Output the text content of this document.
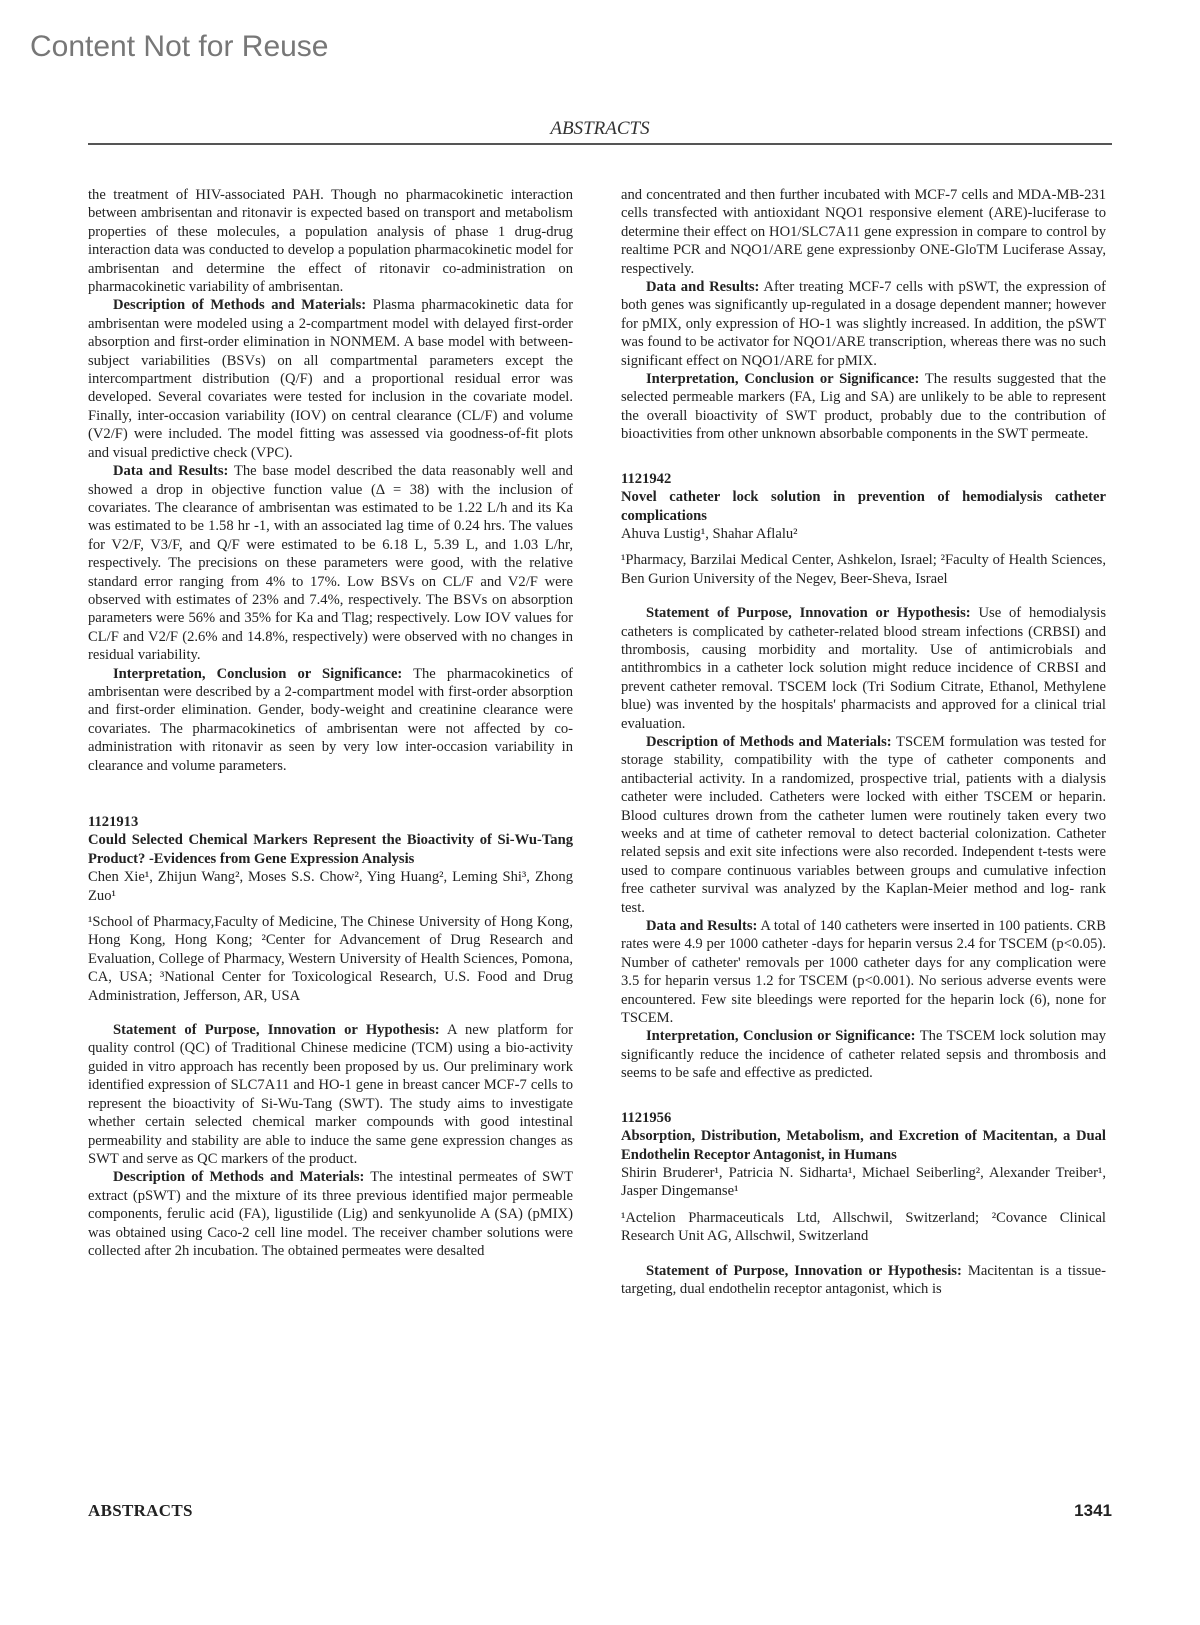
Content Not for Reuse
ABSTRACTS

the treatment of HIV-associated PAH. Though no pharmacokinetic interaction between ambrisentan and ritonavir is expected based on transport and metabolism properties of these molecules, a population analysis of phase 1 drug-drug interaction data was conducted to develop a population pharmacokinetic model for ambrisentan and determine the effect of ritonavir co-administration on pharmacokinetic variability of ambrisentan.

Description of Methods and Materials: Plasma pharmacokinetic data for ambrisentan were modeled using a 2-compartment model with delayed first-order absorption and first-order elimination in NONMEM. A base model with between-subject variabilities (BSVs) on all compartmental parameters except the intercompartment distribution (Q/F) and a proportional residual error was developed. Several covariates were tested for inclusion in the covariate model. Finally, inter-occasion variability (IOV) on central clearance (CL/F) and volume (V2/F) were included. The model fitting was assessed via goodness-of-fit plots and visual predictive check (VPC).

Data and Results: The base model described the data reasonably well and showed a drop in objective function value (Δ = 38) with the inclusion of covariates. The clearance of ambrisentan was estimated to be 1.22 L/h and its Ka was estimated to be 1.58 hr -1, with an associated lag time of 0.24 hrs. The values for V2/F, V3/F, and Q/F were estimated to be 6.18 L, 5.39 L, and 1.03 L/hr, respectively. The precisions on these parameters were good, with the relative standard error ranging from 4% to 17%. Low BSVs on CL/F and V2/F were observed with estimates of 23% and 7.4%, respectively. The BSVs on absorption parameters were 56% and 35% for Ka and Tlag; respectively. Low IOV values for CL/F and V2/F (2.6% and 14.8%, respectively) were observed with no changes in residual variability.

Interpretation, Conclusion or Significance: The pharmacokinetics of ambrisentan were described by a 2-compartment model with first-order absorption and first-order elimination. Gender, body-weight and creatinine clearance were covariates. The pharmacokinetics of ambrisentan were not affected by co-administration with ritonavir as seen by very low inter-occasion variability in clearance and volume parameters.

1121913

Could Selected Chemical Markers Represent the Bioactivity of Si-Wu-Tang Product? -Evidences from Gene Expression Analysis

Chen Xie¹, Zhijun Wang², Moses S.S. Chow², Ying Huang², Leming Shi³, Zhong Zuo¹

¹School of Pharmacy,Faculty of Medicine, The Chinese University of Hong Kong, Hong Kong, Hong Kong; ²Center for Advancement of Drug Research and Evaluation, College of Pharmacy, Western University of Health Sciences, Pomona, CA, USA; ³National Center for Toxicological Research, U.S. Food and Drug Administration, Jefferson, AR, USA

Statement of Purpose, Innovation or Hypothesis: A new platform for quality control (QC) of Traditional Chinese medicine (TCM) using a bio-activity guided in vitro approach has recently been proposed by us. Our preliminary work identified expression of SLC7A11 and HO-1 gene in breast cancer MCF-7 cells to represent the bioactivity of Si-Wu-Tang (SWT). The study aims to investigate whether certain selected chemical marker compounds with good intestinal permeability and stability are able to induce the same gene expression changes as SWT and serve as QC markers of the product.

Description of Methods and Materials: The intestinal permeates of SWT extract (pSWT) and the mixture of its three previous identified major permeable components, ferulic acid (FA), ligustilide (Lig) and senkyunolide A (SA) (pMIX) was obtained using Caco-2 cell line model. The receiver chamber solutions were collected after 2h incubation. The obtained permeates were desalted

and concentrated and then further incubated with MCF-7 cells and MDA-MB-231 cells transfected with antioxidant NQO1 responsive element (ARE)-luciferase to determine their effect on HO1/SLC7A11 gene expression in compare to control by realtime PCR and NQO1/ARE gene expressionby ONE-GloTM Luciferase Assay, respectively.

Data and Results: After treating MCF-7 cells with pSWT, the expression of both genes was significantly up-regulated in a dosage dependent manner; however for pMIX, only expression of HO-1 was slightly increased. In addition, the pSWT was found to be activator for NQO1/ARE transcription, whereas there was no such significant effect on NQO1/ARE for pMIX.

Interpretation, Conclusion or Significance: The results suggested that the selected permeable markers (FA, Lig and SA) are unlikely to be able to represent the overall bioactivity of SWT product, probably due to the contribution of bioactivities from other unknown absorbable components in the SWT permeate.

1121942

Novel catheter lock solution in prevention of hemodialysis catheter complications

Ahuva Lustig¹, Shahar Aflalu²

¹Pharmacy, Barzilai Medical Center, Ashkelon, Israel; ²Faculty of Health Sciences, Ben Gurion University of the Negev, Beer-Sheva, Israel

Statement of Purpose, Innovation or Hypothesis: Use of hemodialysis catheters is complicated by catheter-related blood stream infections (CRBSI) and thrombosis, causing morbidity and mortality. Use of antimicrobials and antithrombics in a catheter lock solution might reduce incidence of CRBSI and prevent catheter removal. TSCEM lock (Tri Sodium Citrate, Ethanol, Methylene blue) was invented by the hospitals' pharmacists and approved for a clinical trial evaluation.

Description of Methods and Materials: TSCEM formulation was tested for storage stability, compatibility with the type of catheter components and antibacterial activity. In a randomized, prospective trial, patients with a dialysis catheter were included. Catheters were locked with either TSCEM or heparin. Blood cultures drown from the catheter lumen were routinely taken every two weeks and at time of catheter removal to detect bacterial colonization. Catheter related sepsis and exit site infections were also recorded. Independent t-tests were used to compare continuous variables between groups and cumulative infection free catheter survival was analyzed by the Kaplan-Meier method and log- rank test.

Data and Results: A total of 140 catheters were inserted in 100 patients. CRB rates were 4.9 per 1000 catheter -days for heparin versus 2.4 for TSCEM (p<0.05). Number of catheter' removals per 1000 catheter days for any complication were 3.5 for heparin versus 1.2 for TSCEM (p<0.001). No serious adverse events were encountered. Few site bleedings were reported for the heparin lock (6), none for TSCEM.

Interpretation, Conclusion or Significance: The TSCEM lock solution may significantly reduce the incidence of catheter related sepsis and thrombosis and seems to be safe and effective as predicted.

1121956

Absorption, Distribution, Metabolism, and Excretion of Macitentan, a Dual Endothelin Receptor Antagonist, in Humans

Shirin Bruderer¹, Patricia N. Sidharta¹, Michael Seiberling², Alexander Treiber¹, Jasper Dingemanse¹

¹Actelion Pharmaceuticals Ltd, Allschwil, Switzerland; ²Covance Clinical Research Unit AG, Allschwil, Switzerland

Statement of Purpose, Innovation or Hypothesis: Macitentan is a tissue-targeting, dual endothelin receptor antagonist, which is

ABSTRACTS	1341
